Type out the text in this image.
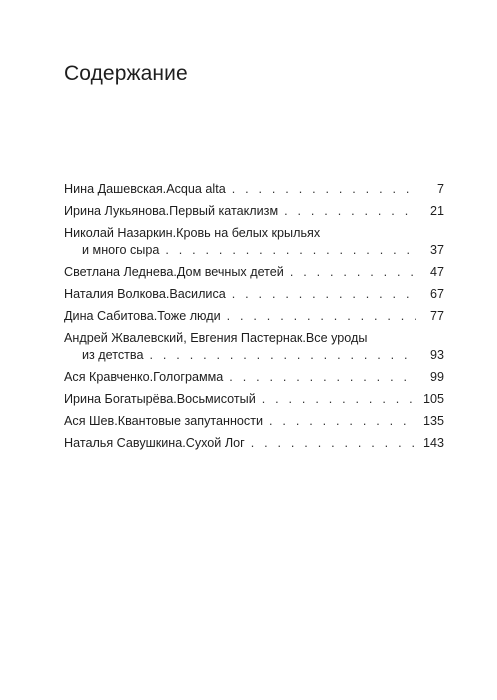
Содержание
Нина Дашевская. Acqua alta . . .	7
Ирина Лукьянова. Первый катаклизм . . .	21
Николай Назаркин. Кровь на белых крыльях
и много сыра . . .	37
Светлана Леднева. Дом вечных детей . . .	47
Наталия Волкова. Василиса . . .	67
Дина Сабитова. Тоже люди . . .	77
Андрей Жвалевский, Евгения Пастернак. Все уроды
из детства . . .	93
Ася Кравченко. Голограмма . . .	99
Ирина Богатырёва. Восьмисотый . . .	105
Ася Шев. Квантовые запутанности . . .	135
Наталья Савушкина. Сухой Лог . . .	143
